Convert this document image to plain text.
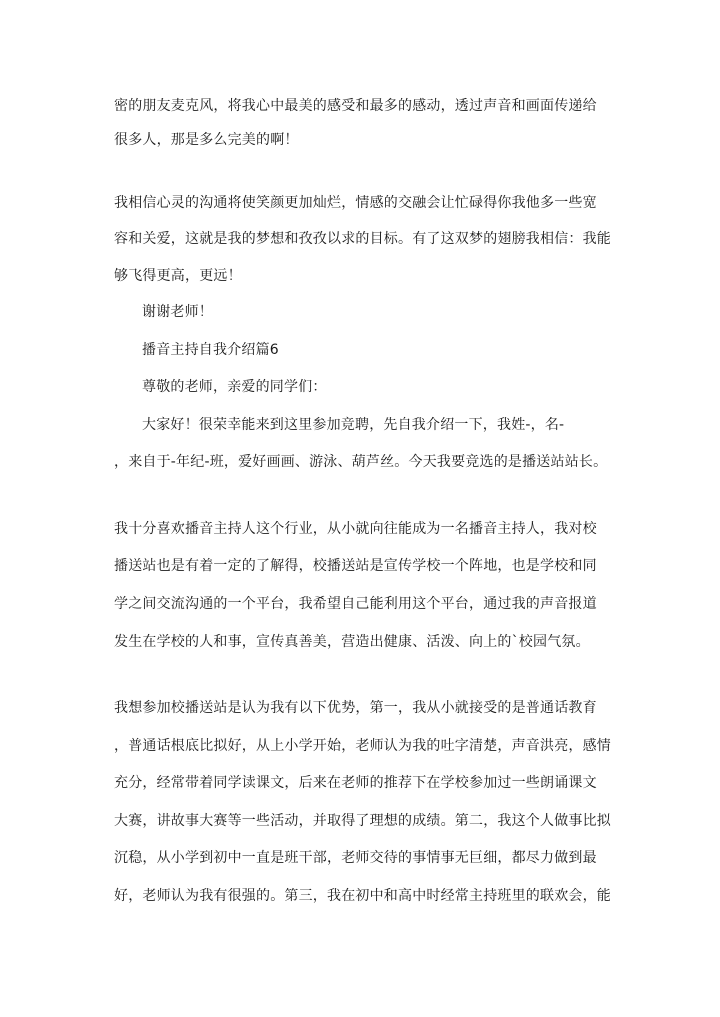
密的朋友麦克风，将我心中最美的感受和最多的感动，透过声音和画面传递给
很多人，那是多么完美的啊！
我相信心灵的沟通将使笑颜更加灿烂，情感的交融会让忙碌得你我他多一些宽
容和关爱，这就是我的梦想和孜孜以求的目标。有了这双梦的翅膀我相信：我能
够飞得更高，更远！
谢谢老师！
播音主持自我介绍篇6
尊敬的老师，亲爱的同学们：
大家好！很荣幸能来到这里参加竞聘，先自我介绍一下，我姓-，名-
，来自于-年纪-班，爱好画画、游泳、葫芦丝。今天我要竞选的是播送站站长。
我十分喜欢播音主持人这个行业，从小就向往能成为一名播音主持人，我对校
播送站也是有着一定的了解得，校播送站是宣传学校一个阵地，也是学校和同
学之间交流沟通的一个平台，我希望自己能利用这个平台，通过我的声音报道
发生在学校的人和事，宣传真善美，营造出健康、活泼、向上的`校园气氛。
我想参加校播送站是认为我有以下优势，第一，我从小就接受的是普通话教育
，普通话根底比拟好，从上小学开始，老师认为我的吐字清楚，声音洪亮，感情
充分，经常带着同学读课文，后来在老师的推荐下在学校参加过一些朗诵课文
大赛，讲故事大赛等一些活动，并取得了理想的成绩。第二，我这个人做事比拟
沉稳，从小学到初中一直是班干部，老师交待的事情事无巨细，都尽力做到最
好，老师认为我有很强的。第三，我在初中和高中时经常主持班里的联欢会，能
